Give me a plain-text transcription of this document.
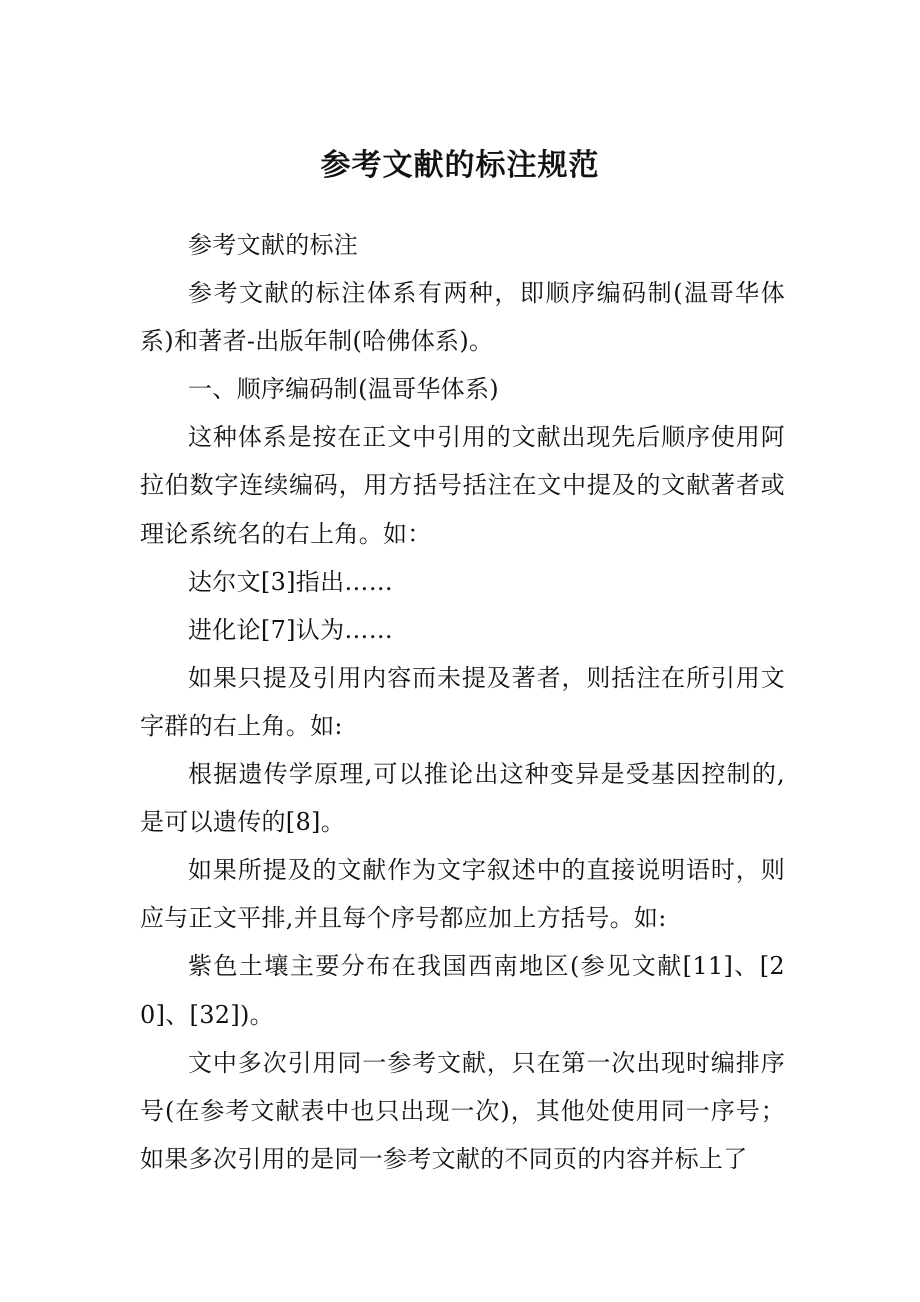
参考文献的标注规范

参考文献的标注

参考文献的标注体系有两种，即顺序编码制(温哥华体系)和著者-出版年制(哈佛体系)。

一、顺序编码制(温哥华体系)

这种体系是按在正文中引用的文献出现先后顺序使用阿拉伯数字连续编码，用方括号括注在文中提及的文献著者或理论系统名的右上角。如：

达尔文[3]指出……

进化论[7]认为……

如果只提及引用内容而未提及著者，则括注在所引用文字群的右上角。如:

根据遗传学原理,可以推论出这种变异是受基因控制的,是可以遗传的[8]。

如果所提及的文献作为文字叙述中的直接说明语时，则应与正文平排,并且每个序号都应加上方括号。如:

紫色土壤主要分布在我国西南地区(参见文献[11]、[20]、[32])。

文中多次引用同一参考文献，只在第一次出现时编排序号(在参考文献表中也只出现一次)，其他处使用同一序号；如果多次引用的是同一参考文献的不同页的内容并标上了
